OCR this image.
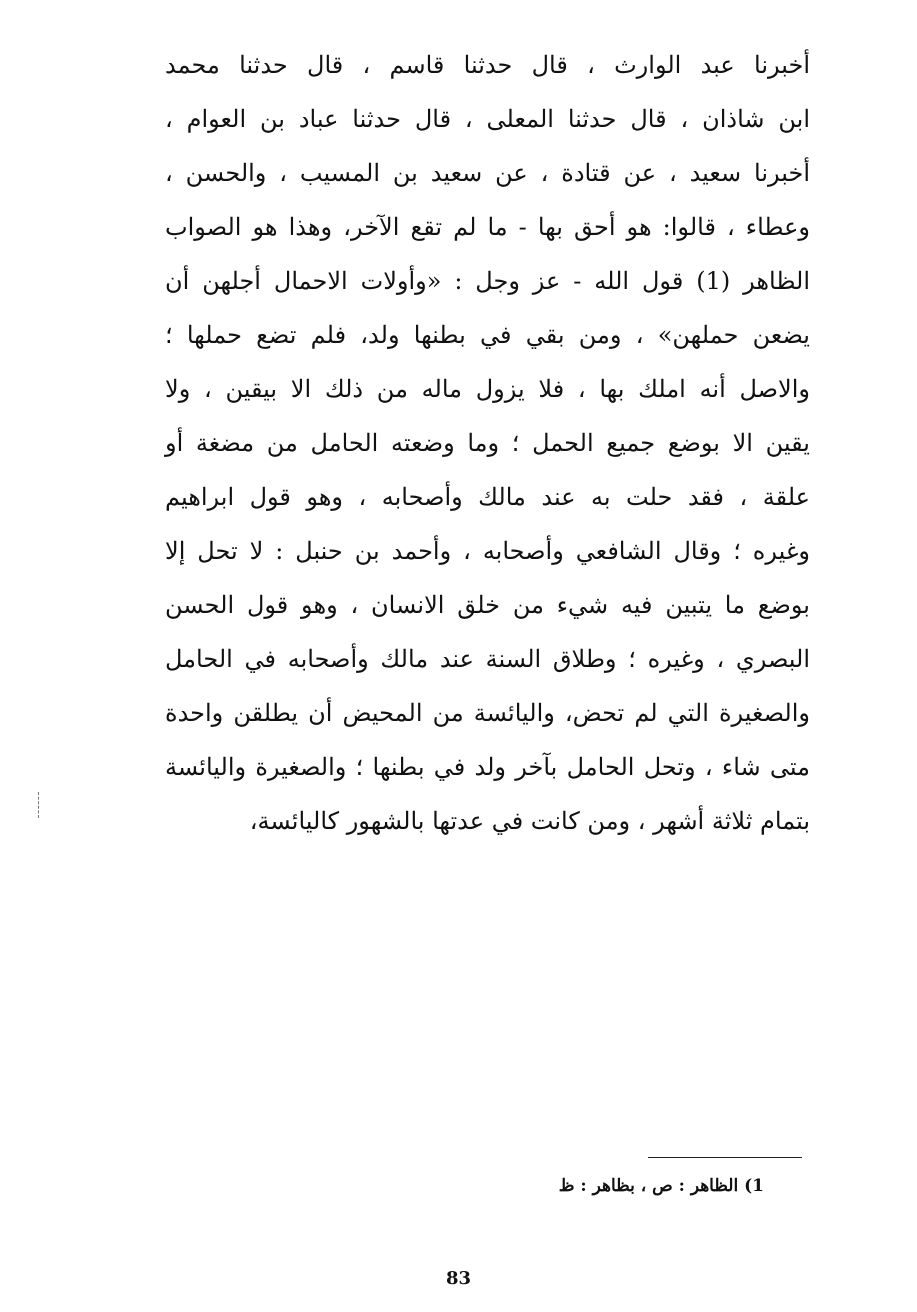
أخبرنا عبد الوارث ، قال حدثنا قاسم ، قال حدثنا محمد
ابن شاذان ، قال حدثنا المعلى ، قال حدثنا عباد بن العوام ،
أخبرنا سعيد ، عن قتادة ، عن سعيد بن المسيب ، والحسن ،
وعطاء ، قالوا: هو أحق بها - ما لم تقع الآخر، وهذا هو الصواب
الظاهر (1) قول الله - عز وجل : «وأولات الاحمال أجلهن أن
يضعن حملهن» ، ومن بقي في بطنها ولد، فلم تضع حملها ؛
والاصل أنه املك بها ، فلا يزول ماله من ذلك الا بيقين ، ولا
يقين الا بوضع جميع الحمل ؛ وما وضعته الحامل من مضغة أو
علقة ، فقد حلت به عند مالك وأصحابه ، وهو قول ابراهيم
وغيره ؛ وقال الشافعي وأصحابه ، وأحمد بن حنبل : لا تحل إلا
بوضع ما يتبين فيه شيء من خلق الانسان ، وهو قول الحسن
البصري ، وغيره ؛ وطلاق السنة عند مالك وأصحابه في الحامل
والصغيرة التي لم تحض، واليائسة من المحيض أن يطلقن واحدة
متى شاء ، وتحل الحامل بآخر ولد في بطنها ؛ والصغيرة واليائسة
بتمام ثلاثة أشهر ، ومن كانت في عدتها بالشهور كاليائسة،
1) الظاهر : ص ، بظاهر : ظ
83
